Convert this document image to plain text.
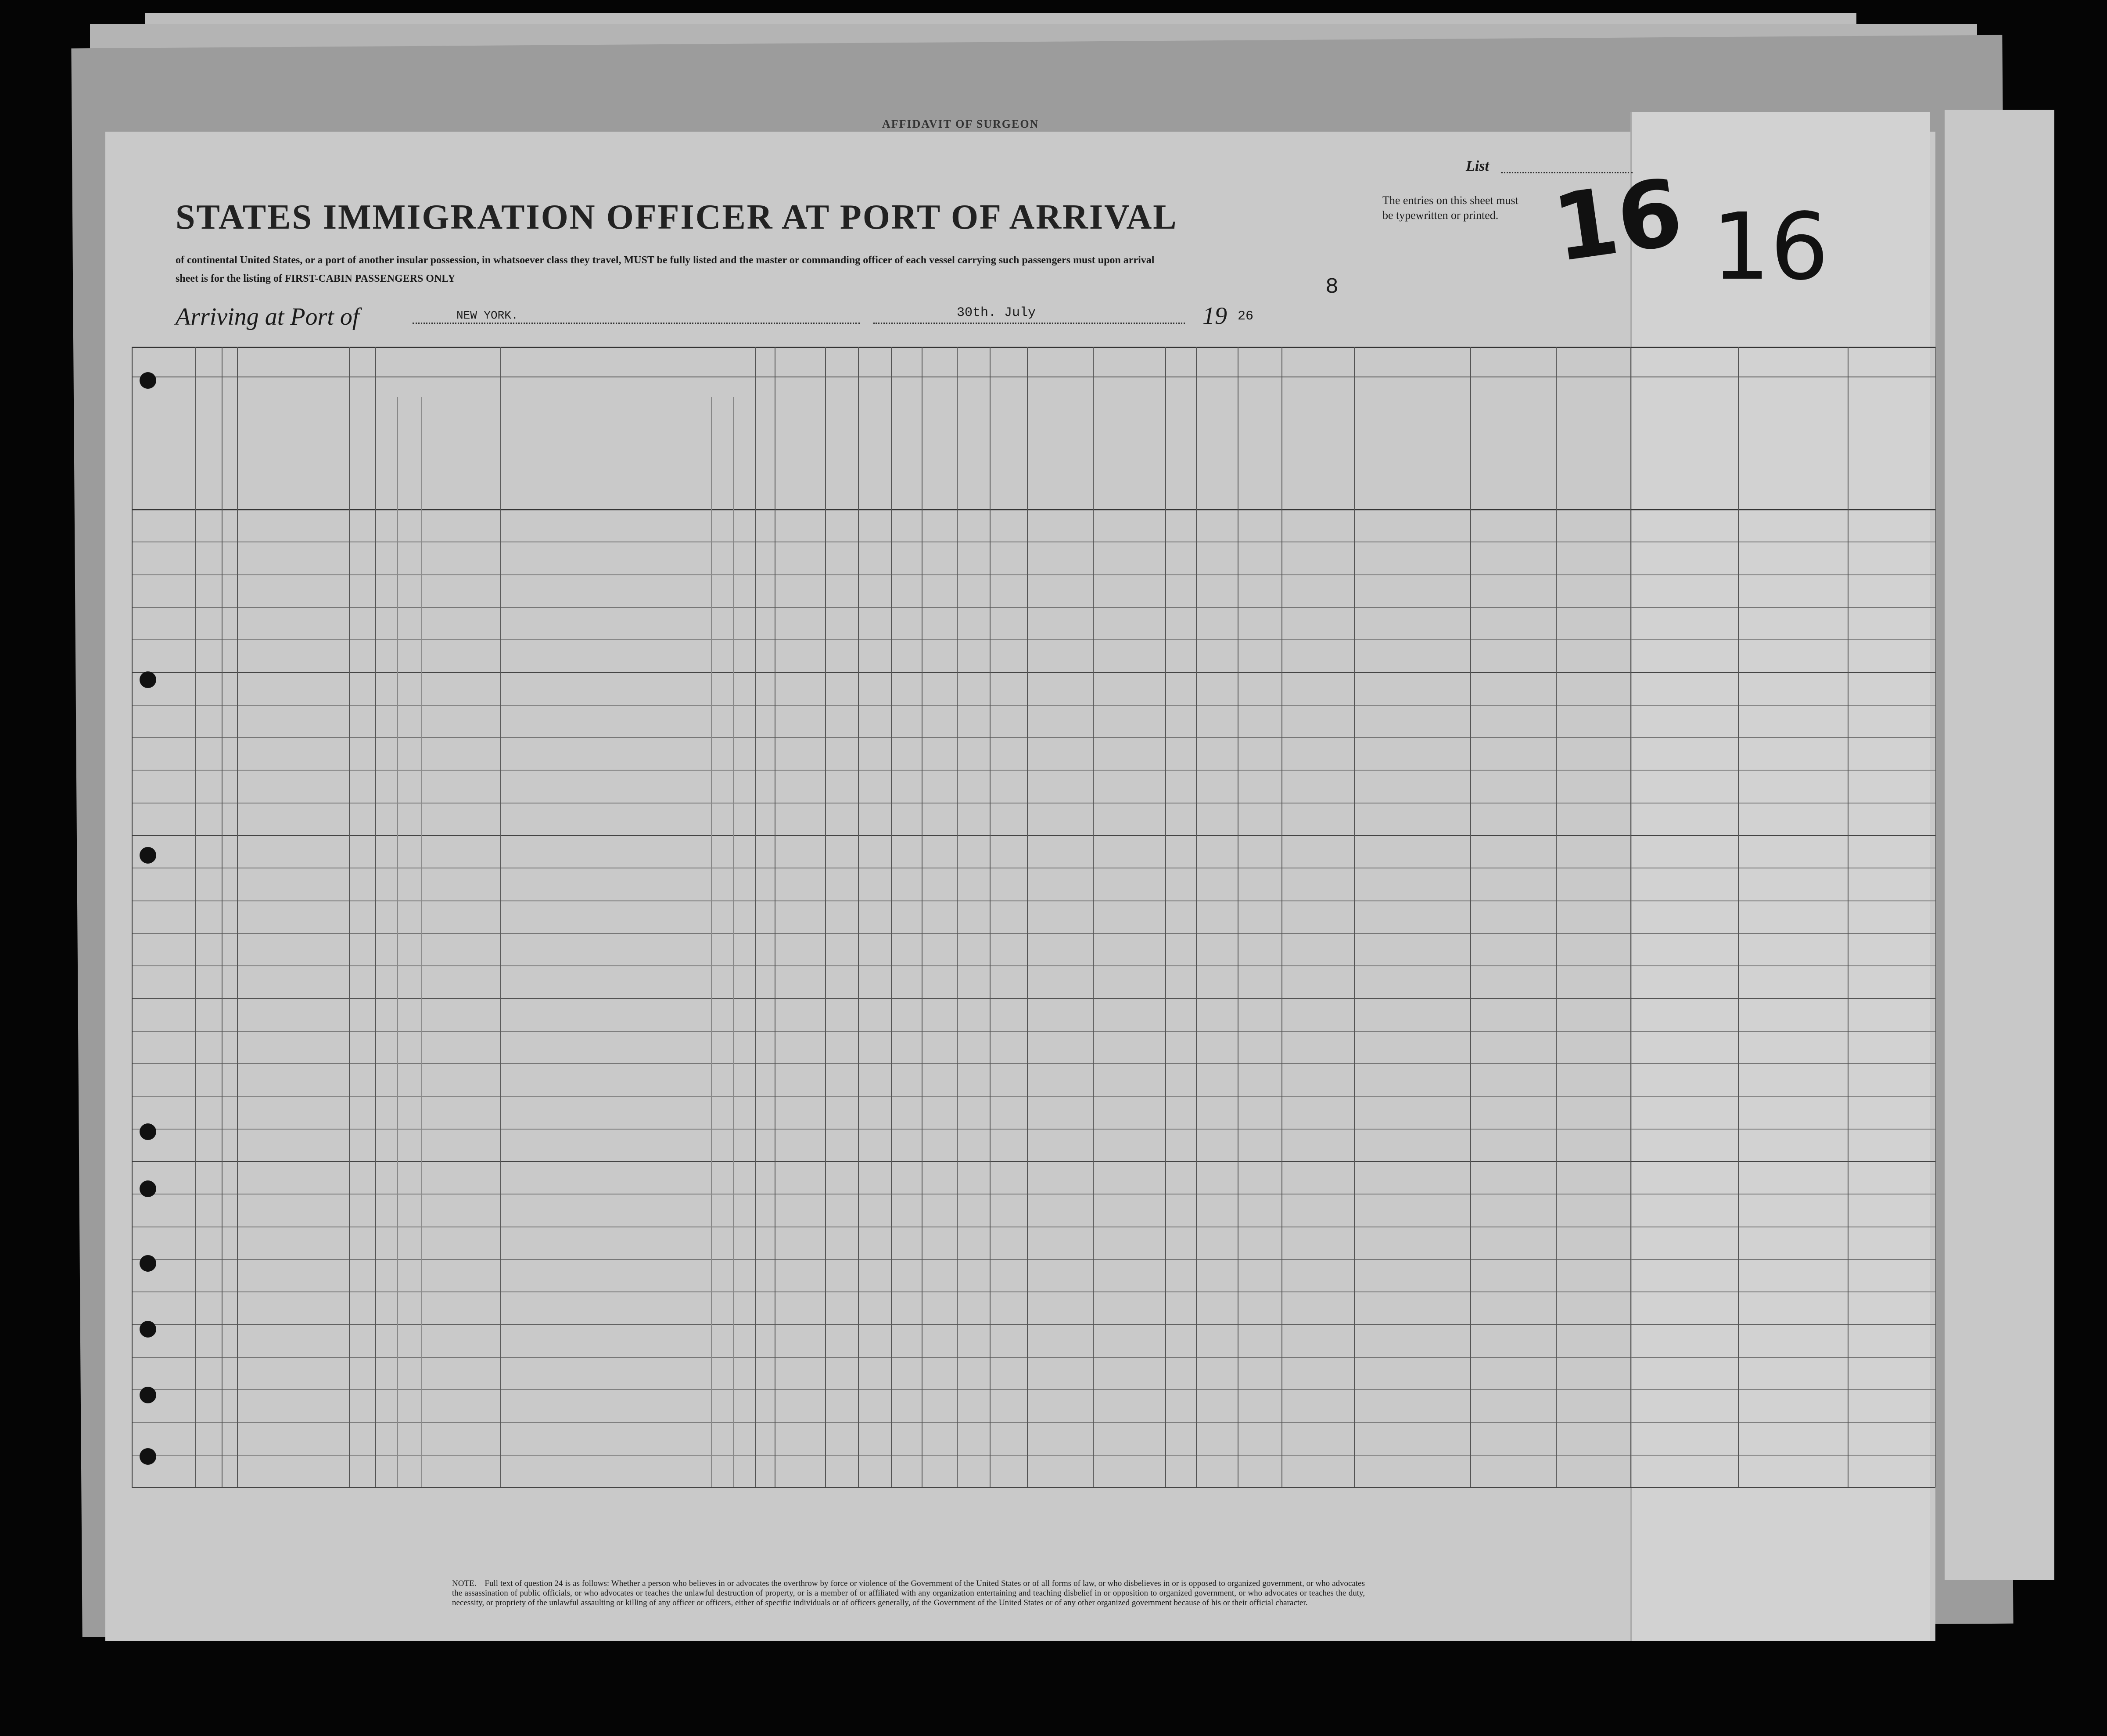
AFFIDAVIT OF SURGEON
STATES IMMIGRATION OFFICER AT PORT OF ARRIVAL
of continental United States, or a port of another insular possession, in whatsoever class they travel, MUST be fully listed and the master or commanding officer of each vessel carrying such passengers must upon arrival
sheet is for the listing of FIRST-CABIN PASSENGERS ONLY
The entries on this sheet must
be typewritten or printed.
List 16 16
Arriving at Port of	NEW YORK.	30th. July	19 26
8
NOTE.—Full text of question 24 is as follows: Whether a person who believes in or advocates the overthrow by force or violence of the Government of the United States or of all forms of law, or who disbelieves in or is opposed to organized government, or who advocates the assassination of public officials, or who advocates or teaches the unlawful destruction of property, or is a member of or affiliated with any organization entertaining and teaching disbelief in or opposition to organized government, or who advocates or teaches the duty, necessity, or propriety of the unlawful assaulting or killing of any officer or officers, either of specific individuals or of officers generally, of the Government of the United States or of any other organized government because of his or their official character.
